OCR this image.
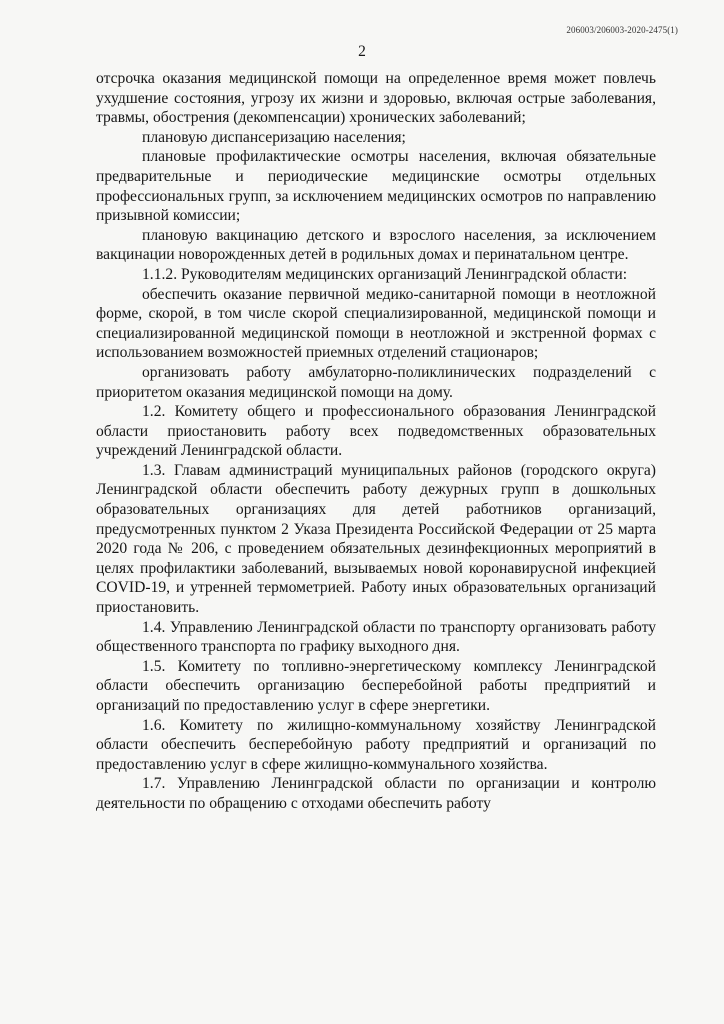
206003/206003-2020-2475(1)
2

отсрочка оказания медицинской помощи на определенное время может повлечь ухудшение состояния, угрозу их жизни и здоровью, включая острые заболевания, травмы, обострения (декомпенсации) хронических заболеваний;

плановую диспансеризацию населения;

плановые профилактические осмотры населения, включая обязательные предварительные и периодические медицинские осмотры отдельных профессиональных групп, за исключением медицинских осмотров по направлению призывной комиссии;

плановую вакцинацию детского и взрослого населения, за исключением вакцинации новорожденных детей в родильных домах и перинатальном центре.

1.1.2. Руководителям медицинских организаций Ленинградской области:

обеспечить оказание первичной медико-санитарной помощи в неотложной форме, скорой, в том числе скорой специализированной, медицинской помощи и специализированной медицинской помощи в неотложной и экстренной формах с использованием возможностей приемных отделений стационаров;

организовать работу амбулаторно-поликлинических подразделений с приоритетом оказания медицинской помощи на дому.

1.2. Комитету общего и профессионального образования Ленинградской области приостановить работу всех подведомственных образовательных учреждений Ленинградской области.

1.3. Главам администраций муниципальных районов (городского округа) Ленинградской области обеспечить работу дежурных групп в дошкольных образовательных организациях для детей работников организаций, предусмотренных пунктом 2 Указа Президента Российской Федерации от 25 марта 2020 года № 206, с проведением обязательных дезинфекционных мероприятий в целях профилактики заболеваний, вызываемых новой коронавирусной инфекцией COVID-19, и утренней термометрией. Работу иных образовательных организаций приостановить.

1.4. Управлению Ленинградской области по транспорту организовать работу общественного транспорта по графику выходного дня.

1.5. Комитету по топливно-энергетическому комплексу Ленинградской области обеспечить организацию бесперебойной работы предприятий и организаций по предоставлению услуг в сфере энергетики.

1.6. Комитету по жилищно-коммунальному хозяйству Ленинградской области обеспечить бесперебойную работу предприятий и организаций по предоставлению услуг в сфере жилищно-коммунального хозяйства.

1.7. Управлению Ленинградской области по организации и контролю деятельности по обращению с отходами обеспечить работу
